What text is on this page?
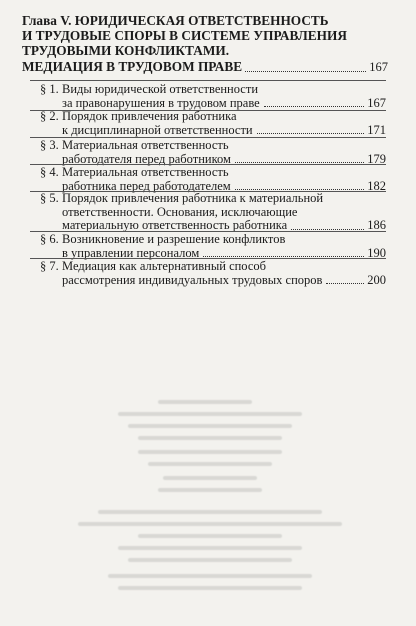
Глава V. ЮРИДИЧЕСКАЯ ОТВЕТСТВЕННОСТЬ
И ТРУДОВЫЕ СПОРЫ В СИСТЕМЕ УПРАВЛЕНИЯ
ТРУДОВЫМИ КОНФЛИКТАМИ.
МЕДИАЦИЯ В ТРУДОВОМ ПРАВЕ	167
§ 1. Виды юридической ответственности
за правонарушения в трудовом праве	167
§ 2. Порядок привлечения работника
к дисциплинарной ответственности	171
§ 3. Материальная ответственность
работодателя перед работником	179
§ 4. Материальная ответственность
работника перед работодателем	182
§ 5. Порядок привлечения работника к материальной
ответственности. Основания, исключающие
материальную ответственность работника	186
§ 6. Возникновение и разрешение конфликтов
в управлении персоналом	190
§ 7. Медиация как альтернативный способ
рассмотрения индивидуальных трудовых споров	200
